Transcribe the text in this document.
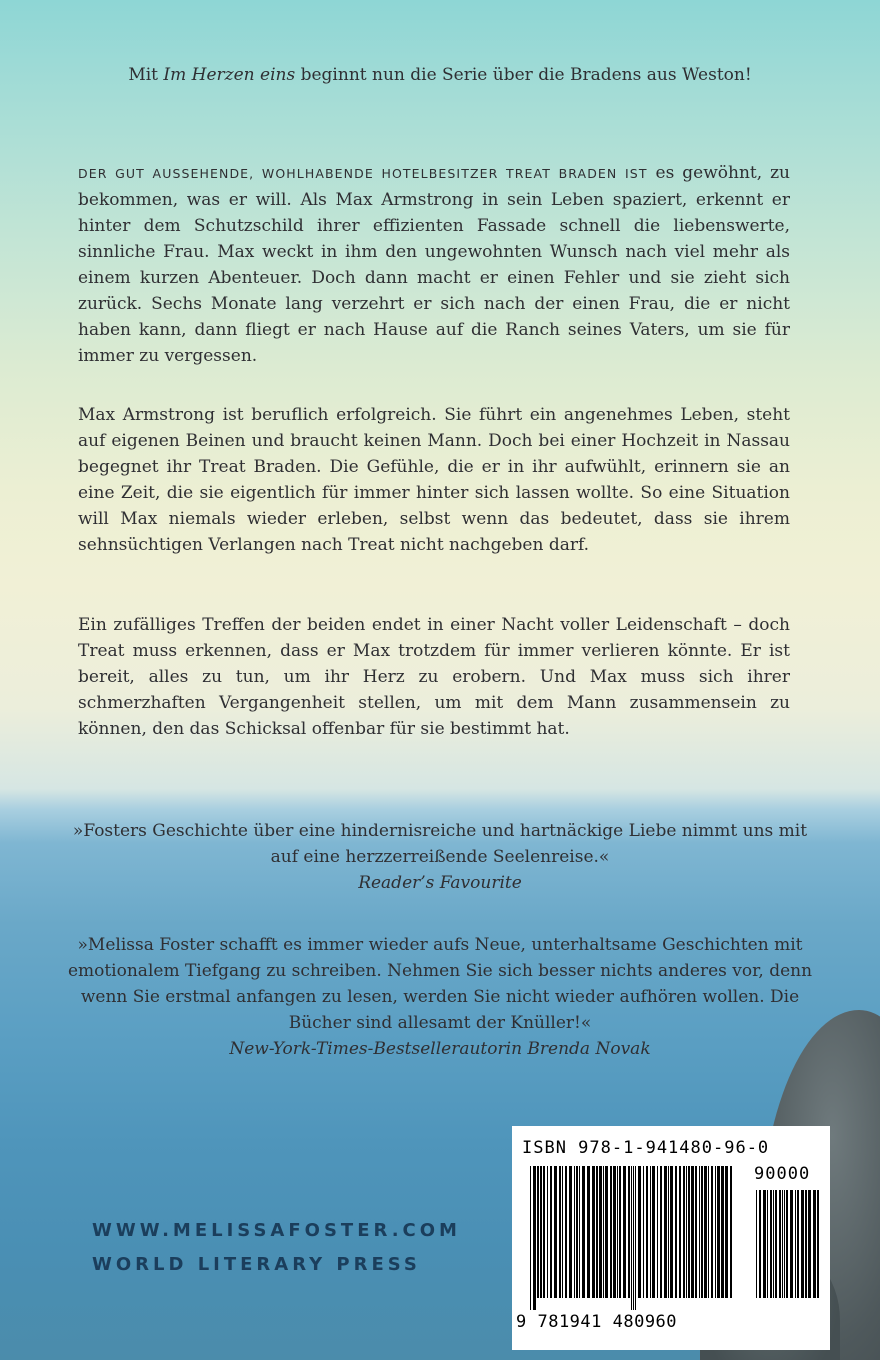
Mit Im Herzen eins beginnt nun die Serie über die Bradens aus Weston!
DER GUT AUSSEHENDE, WOHLHABENDE HOTELBESITZER TREAT BRADEN IST es gewöhnt, zu bekommen, was er will. Als Max Armstrong in sein Leben spaziert, erkennt er hinter dem Schutzschild ihrer effizienten Fassade schnell die liebenswerte, sinnliche Frau. Max weckt in ihm den ungewohnten Wunsch nach viel mehr als einem kurzen Abenteuer. Doch dann macht er einen Fehler und sie zieht sich zurück. Sechs Monate lang verzehrt er sich nach der einen Frau, die er nicht haben kann, dann fliegt er nach Hause auf die Ranch seines Vaters, um sie für immer zu vergessen.
Max Armstrong ist beruflich erfolgreich. Sie führt ein angenehmes Leben, steht auf eigenen Beinen und braucht keinen Mann. Doch bei einer Hochzeit in Nassau begegnet ihr Treat Braden. Die Gefühle, die er in ihr aufwühlt, erinnern sie an eine Zeit, die sie eigentlich für immer hinter sich lassen wollte. So eine Situation will Max niemals wieder erleben, selbst wenn das bedeutet, dass sie ihrem sehnsüchtigen Verlangen nach Treat nicht nachgeben darf.
Ein zufälliges Treffen der beiden endet in einer Nacht voller Leidenschaft – doch Treat muss erkennen, dass er Max trotzdem für immer verlieren könnte. Er ist bereit, alles zu tun, um ihr Herz zu erobern. Und Max muss sich ihrer schmerzhaften Vergangenheit stellen, um mit dem Mann zusammensein zu können, den das Schicksal offenbar für sie bestimmt hat.
»Fosters Geschichte über eine hindernisreiche und hartnäckige Liebe nimmt uns mit auf eine herzzerreißende Seelenreise.«
Reader’s Favourite
»Melissa Foster schafft es immer wieder aufs Neue, unterhaltsame Geschichten mit emotionalem Tiefgang zu schreiben. Nehmen Sie sich besser nichts anderes vor, denn wenn Sie erstmal anfangen zu lesen, werden Sie nicht wieder aufhören wollen. Die Bücher sind allesamt der Knüller!«
New-York-Times-Bestsellerautorin Brenda Novak
WWW.MELISSAFOSTER.COM
WORLD LITERARY PRESS
ISBN 978-1-941480-96-0
90000
9 781941 480960
